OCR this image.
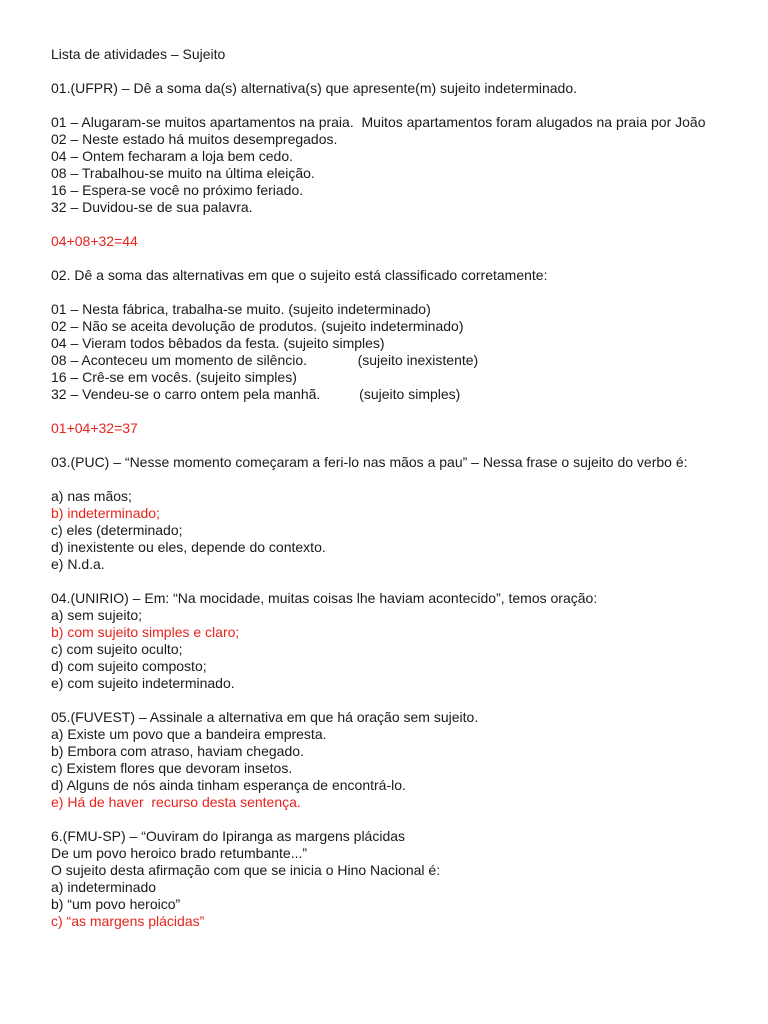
Lista de atividades – Sujeito
01.(UFPR) – Dê a soma da(s) alternativa(s) que apresente(m) sujeito indeterminado.
01 – Alugaram-se muitos apartamentos na praia.  Muitos apartamentos foram alugados na praia por João
02 – Neste estado há muitos desempregados.
04 – Ontem fecharam a loja bem cedo.
08 – Trabalhou-se muito na última eleição.
16 – Espera-se você no próximo feriado.
32 – Duvidou-se de sua palavra.
04+08+32=44
02. Dê a soma das alternativas em que o sujeito está classificado corretamente:
01 – Nesta fábrica, trabalha-se muito. (sujeito indeterminado)
02 – Não se aceita devolução de produtos. (sujeito indeterminado)
04 – Vieram todos bêbados da festa. (sujeito simples)
08 – Aconteceu um momento de silêncio.             (sujeito inexistente)
16 – Crê-se em vocês. (sujeito simples)
32 – Vendeu-se o carro ontem pela manhã.          (sujeito simples)
01+04+32=37
03.(PUC) – “Nesse momento começaram a feri-lo nas mãos a pau” – Nessa frase o sujeito do verbo é:
a) nas mãos;
b) indeterminado;
c) eles (determinado;
d) inexistente ou eles, depende do contexto.
e) N.d.a.
04.(UNIRIO) – Em: “Na mocidade, muitas coisas lhe haviam acontecido”, temos oração:
a) sem sujeito;
b) com sujeito simples e claro;
c) com sujeito oculto;
d) com sujeito composto;
e) com sujeito indeterminado.
05.(FUVEST) – Assinale a alternativa em que há oração sem sujeito.
a) Existe um povo que a bandeira empresta.
b) Embora com atraso, haviam chegado.
c) Existem flores que devoram insetos.
d) Alguns de nós ainda tinham esperança de encontrá-lo.
e) Há de haver  recurso desta sentença.
6.(FMU-SP) – “Ouviram do Ipiranga as margens plácidas
De um povo heroico brado retumbante...”
O sujeito desta afirmação com que se inicia o Hino Nacional é:
a) indeterminado
b) “um povo heroico”
c) “as margens plácidas”
